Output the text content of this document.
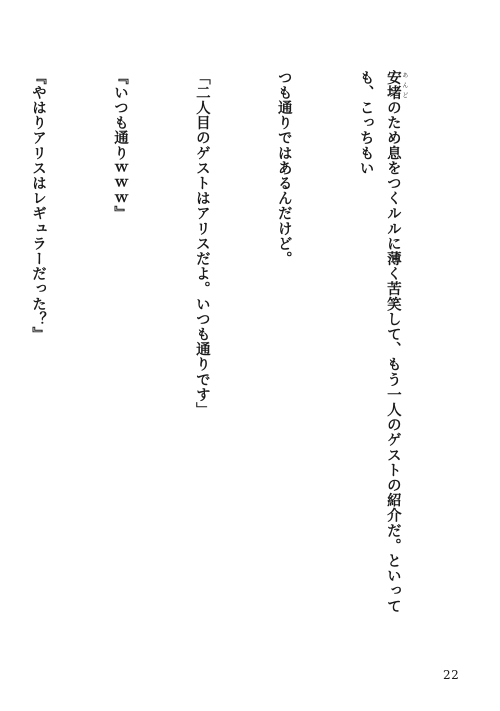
安堵 あんどのため息をつくルルに薄く苦笑して、もう一人のゲストの紹介だ。といっても、こっちもい

つも通りではあるんだけど。

「二人目のゲストはアリスだよ。いつも通りです」

『いつも通りｗｗｗ』

『やはりアリスはレギュラーだった？』

22
